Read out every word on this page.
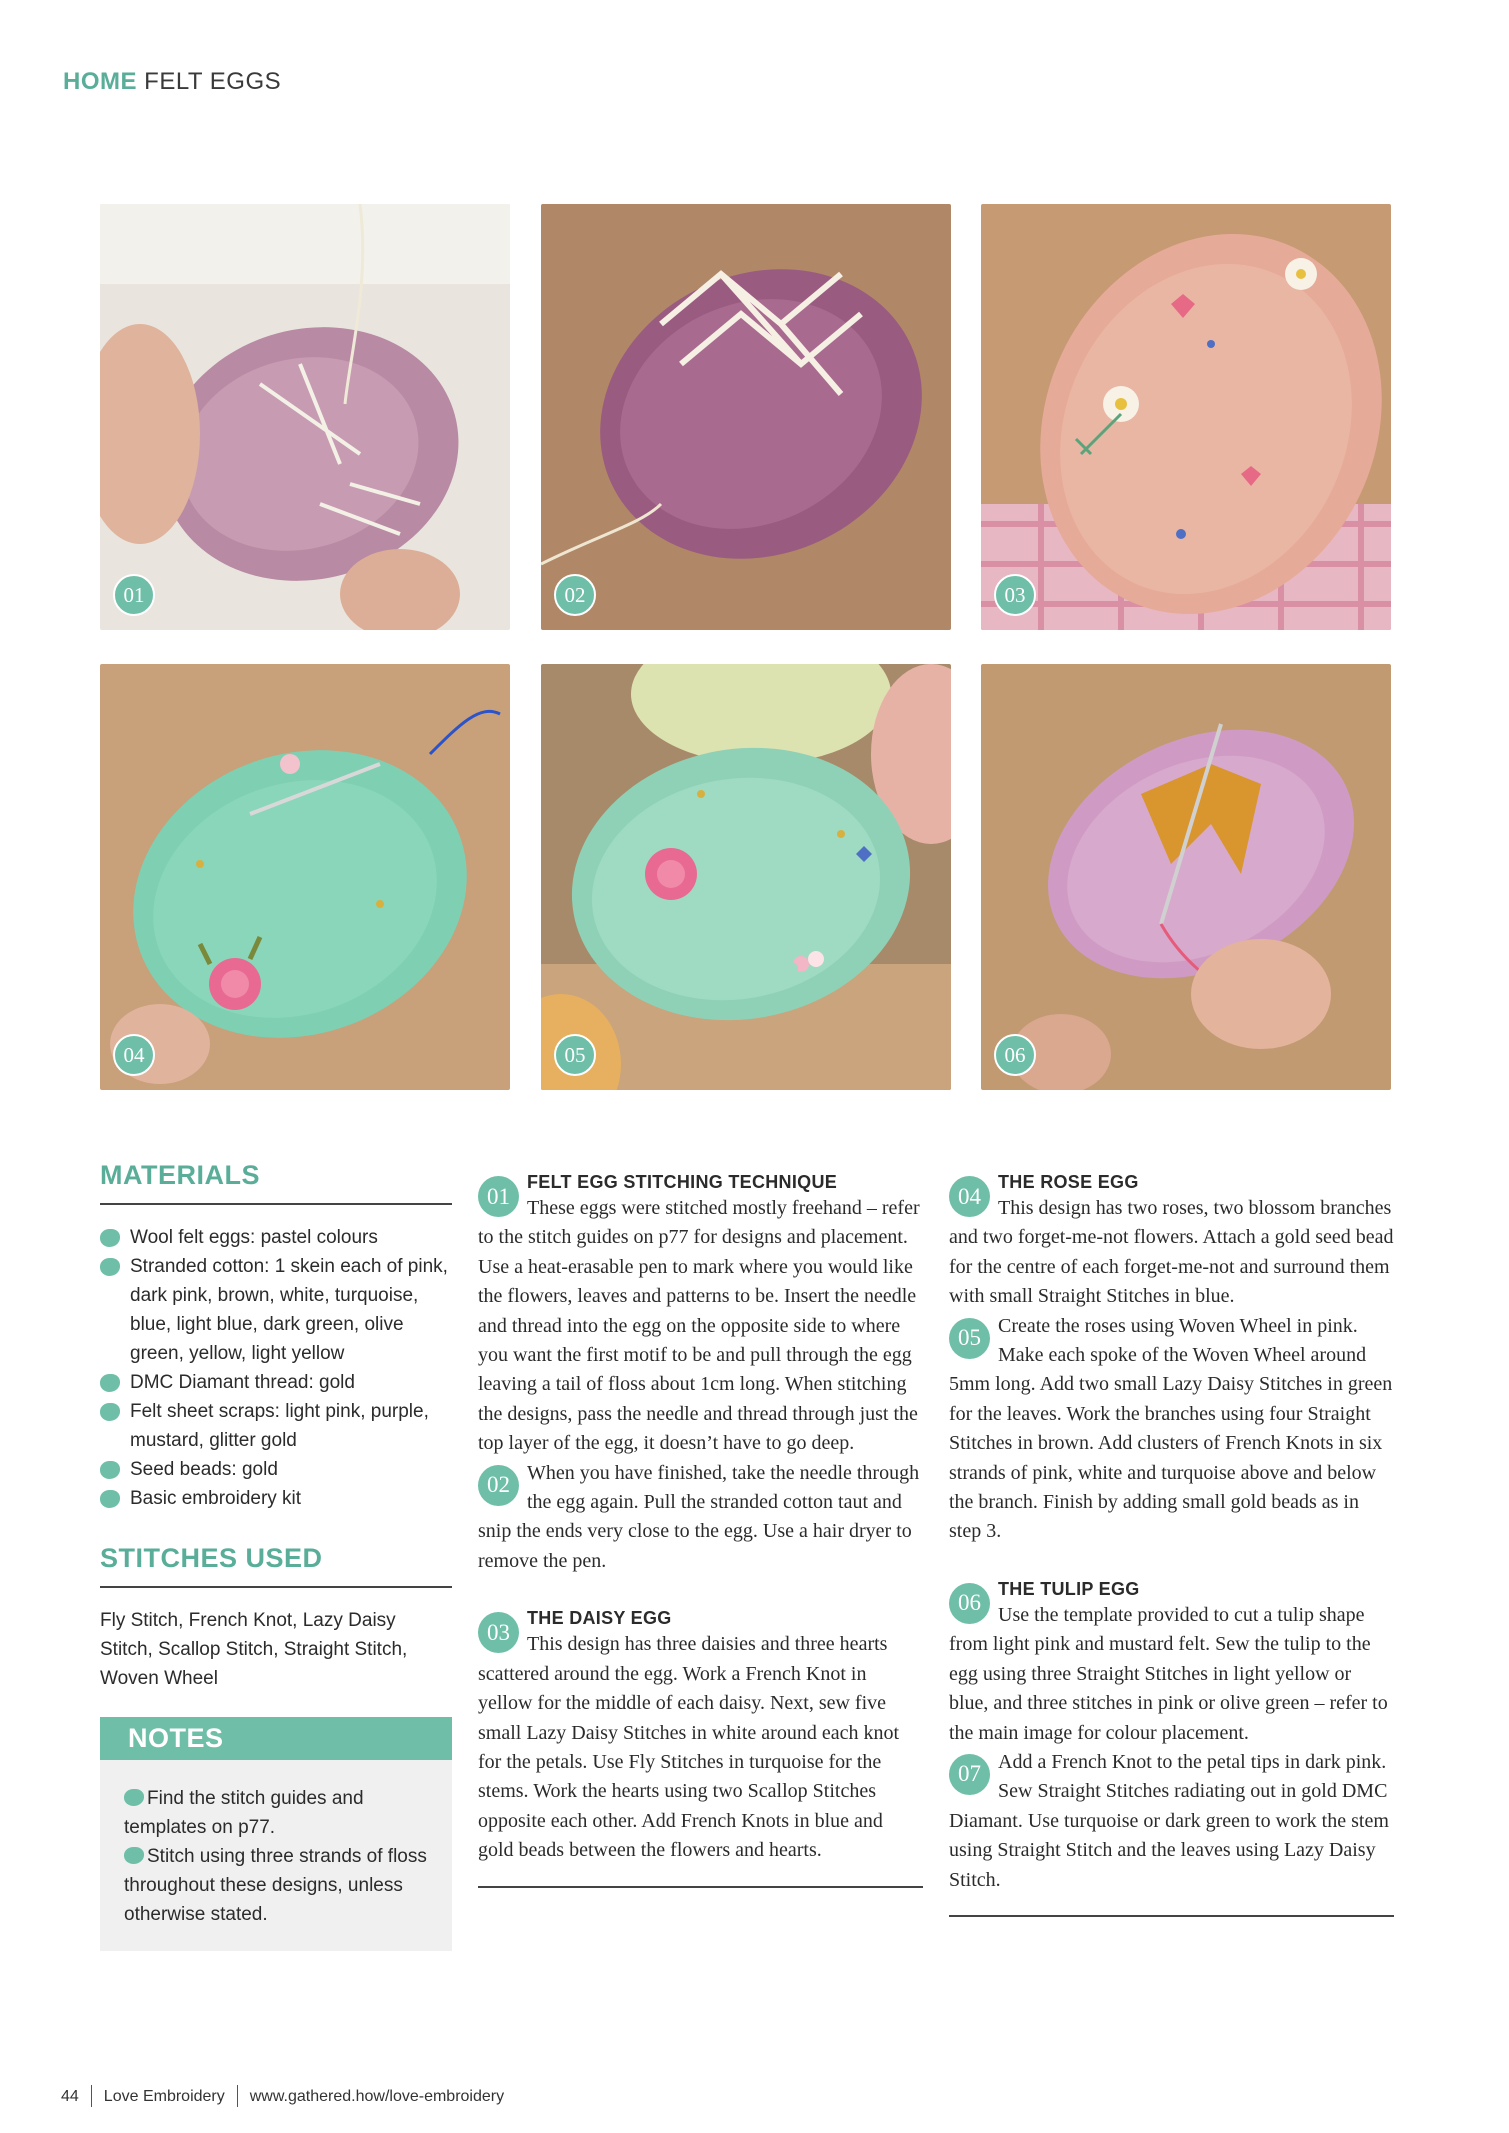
HOME FELT EGGS
01	02	03
04	05	06
MATERIALS
Wool felt eggs: pastel colours
Stranded cotton: 1 skein each of pink, dark pink, brown, white, turquoise, blue, light blue, dark green, olive green, yellow, light yellow
DMC Diamant thread: gold
Felt sheet scraps: light pink, purple, mustard, glitter gold
Seed beads: gold
Basic embroidery kit
STITCHES USED

Fly Stitch, French Knot, Lazy Daisy Stitch, Scallop Stitch, Straight Stitch, Woven Wheel

NOTES

Find the stitch guides and templates on p77.

Stitch using three strands of floss throughout these designs, unless otherwise stated.

01

FELT EGG STITCHING TECHNIQUE

These eggs were stitched mostly freehand – refer to the stitch guides on p77 for designs and placement. Use a heat-erasable pen to mark where you would like the flowers, leaves and patterns to be. Insert the needle and thread into the egg on the opposite side to where you want the first motif to be and pull through the egg leaving a tail of floss about 1cm long. When stitching the designs, pass the needle and thread through just the top layer of the egg, it doesn’t have to go deep.

02 When you have finished, take the needle through the egg again. Pull the stranded cotton taut and snip the ends very close to the egg. Use a hair dryer to remove the pen.

03

THE DAISY EGG

This design has three daisies and three hearts scattered around the egg. Work a French Knot in yellow for the middle of each daisy. Next, sew five small Lazy Daisy Stitches in white around each knot for the petals. Use Fly Stitches in turquoise for the stems. Work the hearts using two Scallop Stitches opposite each other. Add French Knots in blue and gold beads between the flowers and hearts.

04

THE ROSE EGG

This design has two roses, two blossom branches and two forget-me-not flowers. Attach a gold seed bead for the centre of each forget-me-not and surround them with small Straight Stitches in blue.

05 Create the roses using Woven Wheel in pink. Make each spoke of the Woven Wheel around 5mm long. Add two small Lazy Daisy Stitches in green for the leaves. Work the branches using four Straight Stitches in brown. Add clusters of French Knots in six strands of pink, white and turquoise above and below the branch. Finish by adding small gold beads as in step 3.

06

THE TULIP EGG

Use the template provided to cut a tulip shape from light pink and mustard felt. Sew the tulip to the egg using three Straight Stitches in light yellow or blue, and three stitches in pink or olive green – refer to the main image for colour placement.

07 Add a French Knot to the petal tips in dark pink. Sew Straight Stitches radiating out in gold DMC Diamant. Use turquoise or dark green to work the stem using Straight Stitch and the leaves using Lazy Daisy Stitch.

44 Love Embroidery www.gathered.how/love-embroidery
